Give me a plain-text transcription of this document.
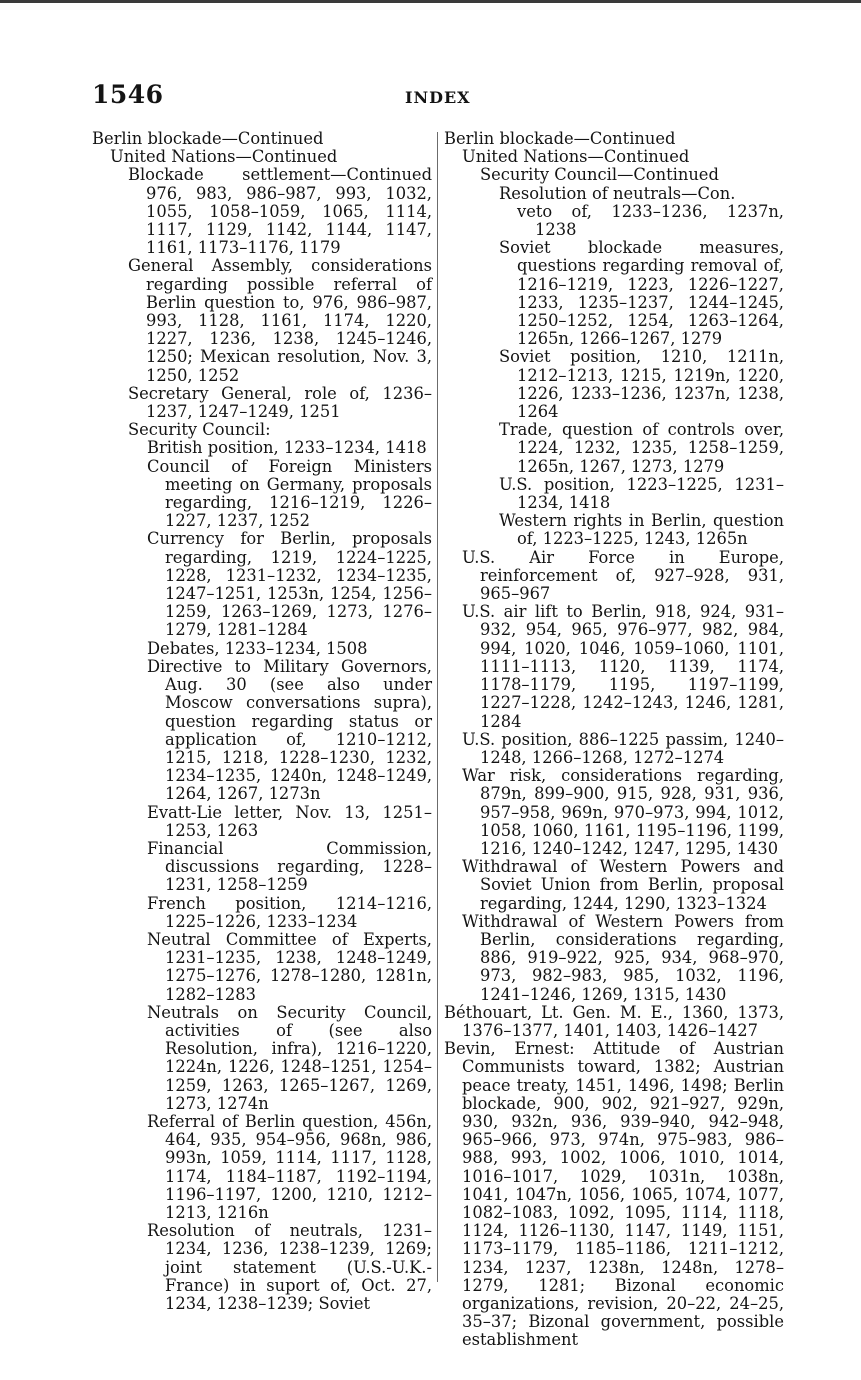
1546	INDEX
Berlin blockade—Continued
United Nations—Continued
Blockade settlement—Continued 976, 983, 986–987, 993, 1032, 1055, 1058–1059, 1065, 1114, 1117, 1129, 1142, 1144, 1147, 1161, 1173–1176, 1179
General Assembly, considerations regarding possible referral of Berlin question to, 976, 986–987, 993, 1128, 1161, 1174, 1220, 1227, 1236, 1238, 1245–1246, 1250; Mexican resolution, Nov. 3, 1250, 1252
Secretary General, role of, 1236–1237, 1247–1249, 1251
Security Council:
British position, 1233–1234, 1418
Council of Foreign Ministers meeting on Germany, proposals regarding, 1216–1219, 1226–1227, 1237, 1252
Currency for Berlin, proposals regarding, 1219, 1224–1225, 1228, 1231–1232, 1234–1235, 1247–1251, 1253n, 1254, 1256–1259, 1263–1269, 1273, 1276–1279, 1281–1284
Debates, 1233–1234, 1508
Directive to Military Governors, Aug. 30 (see also under Moscow conversations supra), question regarding status or application of, 1210–1212, 1215, 1218, 1228–1230, 1232, 1234–1235, 1240n, 1248–1249, 1264, 1267, 1273n
Evatt-Lie letter, Nov. 13, 1251–1253, 1263
Financial Commission, discussions regarding, 1228–1231, 1258–1259
French position, 1214–1216, 1225–1226, 1233–1234
Neutral Committee of Experts, 1231–1235, 1238, 1248–1249, 1275–1276, 1278–1280, 1281n, 1282–1283
Neutrals on Security Council, activities of (see also Resolution, infra), 1216–1220, 1224n, 1226, 1248–1251, 1254–1259, 1263, 1265–1267, 1269, 1273, 1274n
Referral of Berlin question, 456n, 464, 935, 954–956, 968n, 986, 993n, 1059, 1114, 1117, 1128, 1174, 1184–1187, 1192–1194, 1196–1197, 1200, 1210, 1212–1213, 1216n
Resolution of neutrals, 1231–1234, 1236, 1238–1239, 1269; joint statement (U.S.-U.K.-France) in suport of, Oct. 27, 1234, 1238–1239; Soviet
Berlin blockade—Continued
United Nations—Continued
Security Council—Continued
Resolution of neutrals—Con.
veto of, 1233–1236, 1237n, 1238
Soviet blockade measures, questions regarding removal of, 1216–1219, 1223, 1226–1227, 1233, 1235–1237, 1244–1245, 1250–1252, 1254, 1263–1264, 1265n, 1266–1267, 1279
Soviet position, 1210, 1211n, 1212–1213, 1215, 1219n, 1220, 1226, 1233–1236, 1237n, 1238, 1264
Trade, question of controls over, 1224, 1232, 1235, 1258–1259, 1265n, 1267, 1273, 1279
U.S. position, 1223–1225, 1231–1234, 1418
Western rights in Berlin, question of, 1223–1225, 1243, 1265n
U.S. Air Force in Europe, reinforcement of, 927–928, 931, 965–967
U.S. air lift to Berlin, 918, 924, 931–932, 954, 965, 976–977, 982, 984, 994, 1020, 1046, 1059–1060, 1101, 1111–1113, 1120, 1139, 1174, 1178–1179, 1195, 1197–1199, 1227–1228, 1242–1243, 1246, 1281, 1284
U.S. position, 886–1225 passim, 1240–1248, 1266–1268, 1272–1274
War risk, considerations regarding, 879n, 899–900, 915, 928, 931, 936, 957–958, 969n, 970–973, 994, 1012, 1058, 1060, 1161, 1195–1196, 1199, 1216, 1240–1242, 1247, 1295, 1430
Withdrawal of Western Powers and Soviet Union from Berlin, proposal regarding, 1244, 1290, 1323–1324
Withdrawal of Western Powers from Berlin, considerations regarding, 886, 919–922, 925, 934, 968–970, 973, 982–983, 985, 1032, 1196, 1241–1246, 1269, 1315, 1430
Béthouart, Lt. Gen. M. E., 1360, 1373, 1376–1377, 1401, 1403, 1426–1427
Bevin, Ernest: Attitude of Austrian Communists toward, 1382; Austrian peace treaty, 1451, 1496, 1498; Berlin blockade, 900, 902, 921–927, 929n, 930, 932n, 936, 939–940, 942–948, 965–966, 973, 974n, 975–983, 986–988, 993, 1002, 1006, 1010, 1014, 1016–1017, 1029, 1031n, 1038n, 1041, 1047n, 1056, 1065, 1074, 1077, 1082–1083, 1092, 1095, 1114, 1118, 1124, 1126–1130, 1147, 1149, 1151, 1173–1179, 1185–1186, 1211–1212, 1234, 1237, 1238n, 1248n, 1278–1279, 1281; Bizonal economic organizations, revision, 20–22, 24–25, 35–37; Bizonal government, possible establishment
